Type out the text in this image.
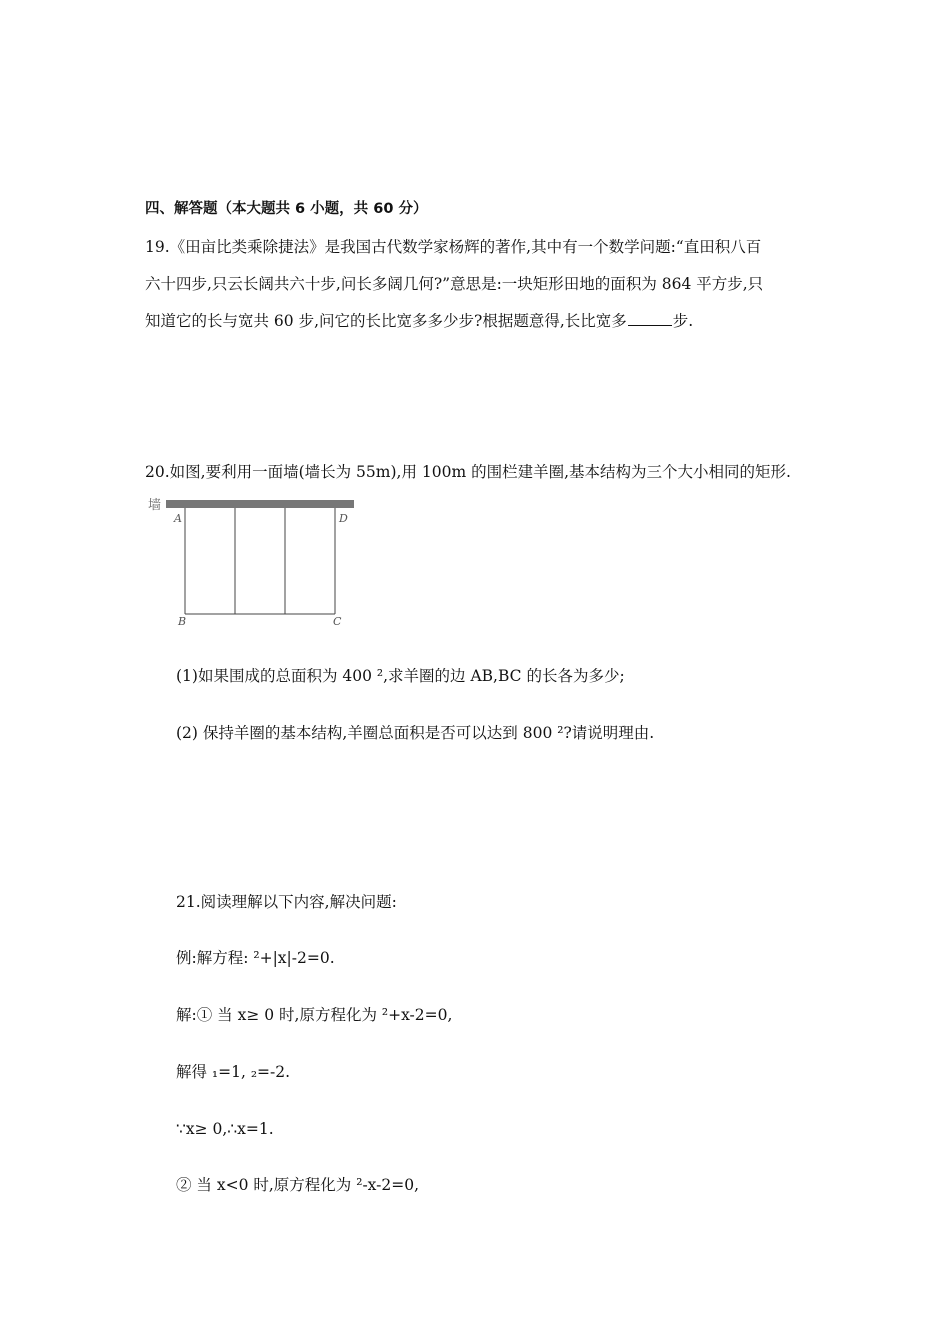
四、解答题（本大题共 6 小题，共 60 分）
19.《田亩比类乘除捷法》是我国古代数学家杨辉的著作,其中有一个数学问题:“直田积八百
六十四步,只云长阔共六十步,问长多阔几何?”意思是:一块矩形田地的面积为 864 平方步,只
知道它的长与宽共 60 步,问它的长比宽多多少步?根据题意得,长比宽多	步.
20.如图,要利用一面墙(墙长为 55m),用 100m 的围栏建羊圈,基本结构为三个大小相同的矩形.
墙
A	D
B	C
(1)如果围成的总面积为 400 ²,求羊圈的边 AB,BC 的长各为多少;
(2) 保持羊圈的基本结构,羊圈总面积是否可以达到 800 ²?请说明理由.
21.阅读理解以下内容,解决问题:
例:解方程: ²+|x|-2=0.
解:① 当 x≥ 0 时,原方程化为 ²+x-2=0,
解得 ₁=1, ₂=-2.
∵x≥ 0,∴x=1.
② 当 x<0 时,原方程化为 ²-x-2=0,
